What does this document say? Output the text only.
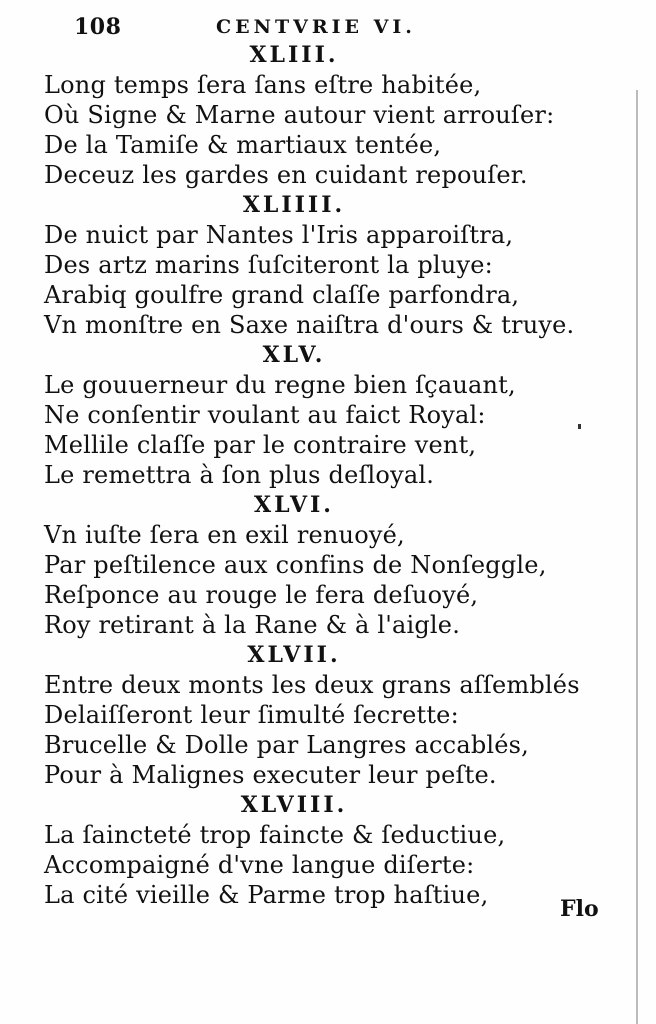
108	CENTVRIE VI.
XLIII.
Long temps ſera ſans eſtre habitée,
Où Signe & Marne autour vient arrouſer:
De la Tamiſe & martiaux tentée,
Deceuz les gardes en cuidant repouſer.
XLIIII.
De nuict par Nantes l'Iris apparoiſtra,
Des artz marins ſuſciteront la pluye:
Arabiq goulfre grand claſſe parfondra,
Vn monſtre en Saxe naiſtra d'ours & truye.
XLV.
Le gouuerneur du regne bien ſçauant,
Ne conſentir voulant au faict Royal:
Mellile claſſe par le contraire vent,
Le remettra à ſon plus deſloyal.
XLVI.
Vn iuſte ſera en exil renuoyé,
Par peſtilence aux confins de Nonſeggle,
Reſponce au rouge le fera deſuoyé,
Roy retirant à la Rane & à l'aigle.
XLVII.
Entre deux monts les deux grans aſſemblés
Delaiſſeront leur ſimulté ſecrette:
Brucelle & Dolle par Langres accablés,
Pour à Malignes executer leur peſte.
XLVIII.
La ſaincteté trop faincte & ſeductiue,
Accompaigné d'vne langue diſerte:
La cité vieille & Parme trop haſtiue,	Flo
